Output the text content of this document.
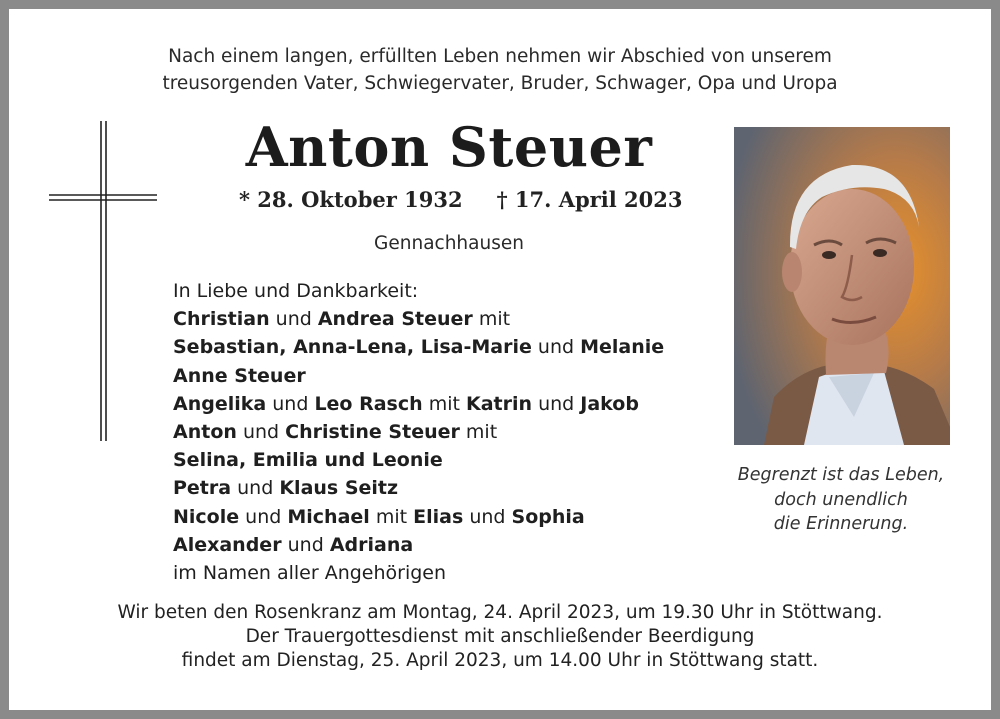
Nach einem langen, erfüllten Leben nehmen wir Abschied von unserem
treusorgenden Vater, Schwiegervater, Bruder, Schwager, Opa und Uropa
Anton Steuer
* 28. Oktober 1932 † 17. April 2023
Gennachhausen
In Liebe und Dankbarkeit:
Christian und Andrea Steuer mit
Sebastian, Anna-Lena, Lisa-Marie und Melanie
Anne Steuer
Angelika und Leo Rasch mit Katrin und Jakob
Anton und Christine Steuer mit
Selina, Emilia und Leonie
Petra und Klaus Seitz
Nicole und Michael mit Elias und Sophia
Alexander und Adriana
im Namen aller Angehörigen
Begrenzt ist das Leben,
doch unendlich
die Erinnerung.
Wir beten den Rosenkranz am Montag, 24. April 2023, um 19.30 Uhr in Stöttwang.
Der Trauergottesdienst mit anschließender Beerdigung
findet am Dienstag, 25. April 2023, um 14.00 Uhr in Stöttwang statt.
